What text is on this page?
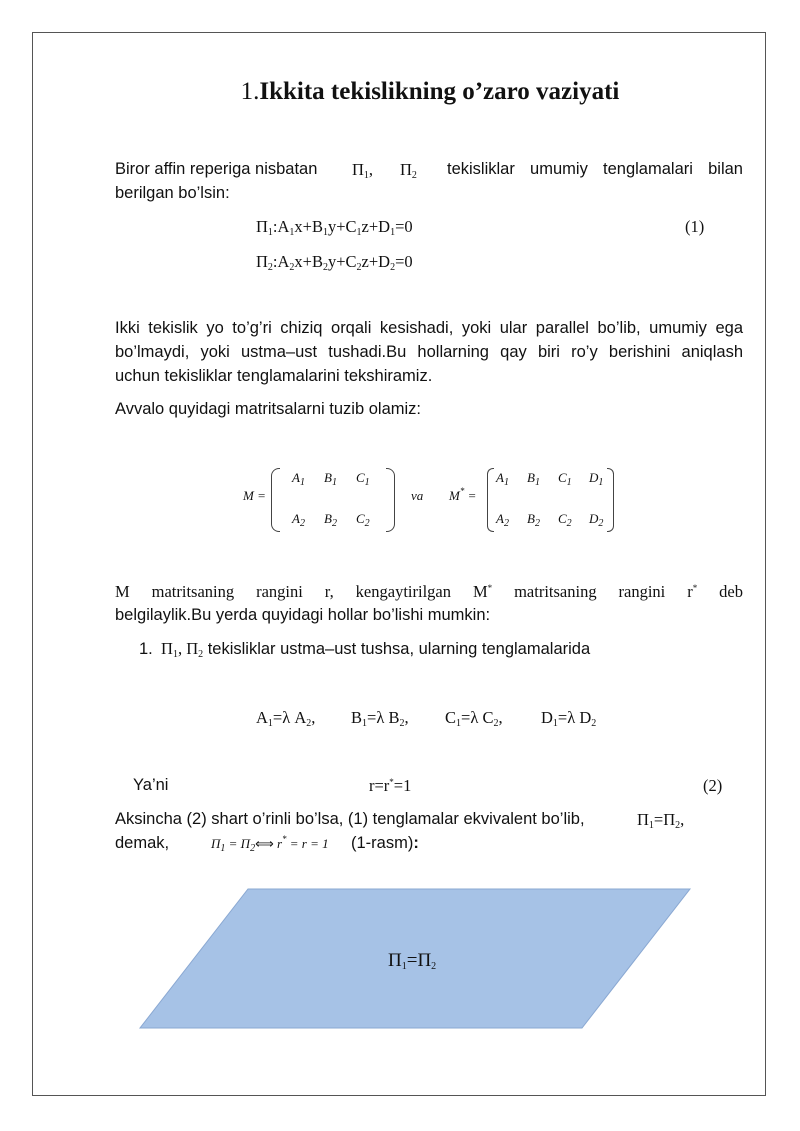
1.Ikkita tekislikning o’zaro vaziyati
Biror affin reperiga nisbatan $\Pi_1$, $\Pi_2$ tekisliklar umumiy tenglamalari bilan
berilgan bo’lsin:
$\Pi_1:A_1x+B_1y+C_1z+D_1=0$	(1)
$\Pi_2:A_2x+B_2y+C_2z+D_2=0$
Ikki tekislik yo to’g’ri chiziq orqali kesishadi, yoki ular parallel bo’lib, umumiy ega
bo’lmaydi, yoki ustma–ust tushadi.Bu hollarning qay biri ro’y berishini aniqlash
uchun tekisliklar tenglamalarini tekshiramiz.
Avvalo quyidagi matritsalarni tuzib olamiz:
M =
$A_1$ $B_1$ $C_1$
$A_2$ $B_2$ $C_2$
va M* =
$A_1$ $B_1$ $C_1$ $D_1$
$A_2$ $B_2$ $C_2$ $D_2$
M matritsaning rangini r, kengaytirilgan M* matritsaning rangini r* deb
belgilaylik.Bu yerda quyidagi hollar bo’lishi mumkin:
1. $\Pi_1$, $\Pi_2$ tekisliklar ustma–ust tushsa, ularning tenglamalarida
$A_1=\lambda$ $A_2$, $B_1=\lambda$ $B_2$, $C_1=\lambda$ $C_2$, $D_1=\lambda$ $D_2$
Ya’ni	r=r*=1	(2)
Aksincha (2) shart o’rinli bo’lsa, (1) tenglamalar ekvivalent bo’lib,	$\Pi_1=\Pi_2$,
demak,	$\Pi_1$ = $\Pi_2⟺$ r* = r = 1 (1-rasm):
$\Pi_1=\Pi_2$
